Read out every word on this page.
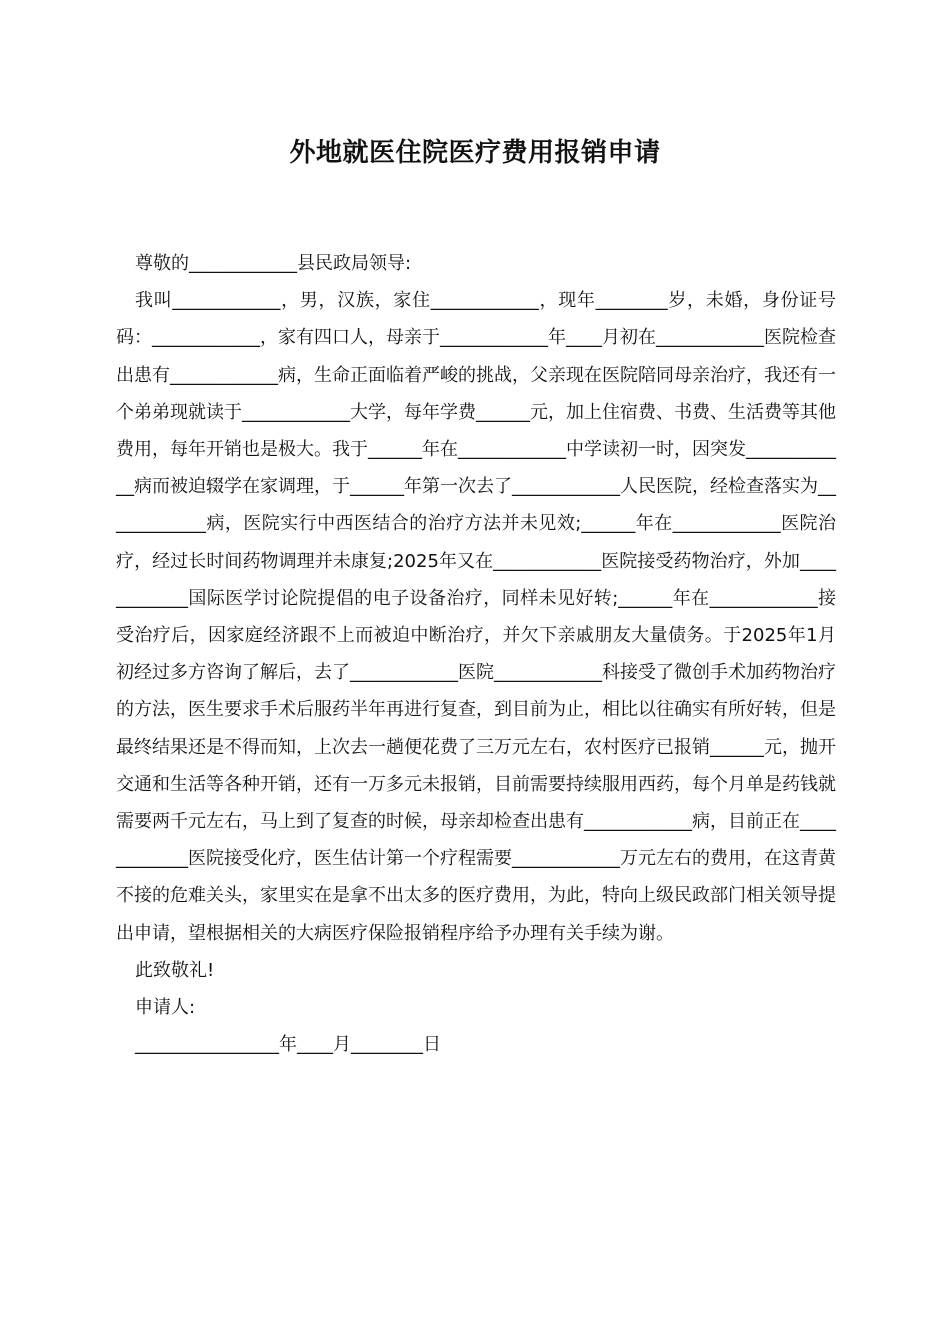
外地就医住院医疗费用报销申请

尊敬的____________县民政局领导:

我叫____________，男，汉族，家住____________，现年________岁，未婚，身份证号码：____________，家有四口人，母亲于____________年____月初在____________医院检查出患有____________病，生命正面临着严峻的挑战，父亲现在医院陪同母亲治疗，我还有一个弟弟现就读于____________大学，每年学费______元，加上住宿费、书费、生活费等其他费用，每年开销也是极大。我于______年在____________中学读初一时，因突发____________病而被迫辍学在家调理，于______年第一次去了____________人民医院，经检查落实为____________病，医院实行中西医结合的治疗方法并未见效;______年在____________医院治疗，经过长时间药物调理并未康复;2025年又在____________医院接受药物治疗，外加____________国际医学讨论院提倡的电子设备治疗，同样未见好转;______年在____________接受治疗后，因家庭经济跟不上而被迫中断治疗，并欠下亲戚朋友大量债务。于2025年1月初经过多方咨询了解后，去了____________医院____________科接受了微创手术加药物治疗的方法，医生要求手术后服药半年再进行复查，到目前为止，相比以往确实有所好转，但是最终结果还是不得而知，上次去一趟便花费了三万元左右，农村医疗已报销______元，抛开交通和生活等各种开销，还有一万多元未报销，目前需要持续服用西药，每个月单是药钱就需要两千元左右，马上到了复查的时候，母亲却检查出患有____________病，目前正在____________医院接受化疗，医生估计第一个疗程需要____________万元左右的费用，在这青黄不接的危难关头，家里实在是拿不出太多的医疗费用，为此，特向上级民政部门相关领导提出申请，望根据相关的大病医疗保险报销程序给予办理有关手续为谢。

此致敬礼!

申请人:

________________年____月________日
